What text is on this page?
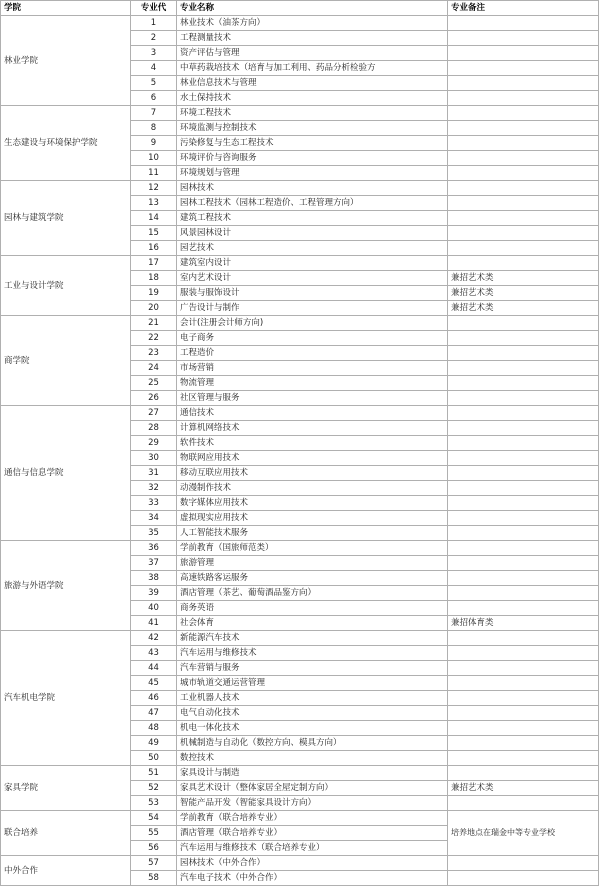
学院	专业代	专业名称	专业备注
林业学院	1	林业技术（油茶方向）	
	2	工程测量技术	
	3	资产评估与管理	
	4	中草药栽培技术（培育与加工利用、药品分析检验方	
	5	林业信息技术与管理	
	6	水土保持技术	
生态建设与环境保护学院	7	环境工程技术	
	8	环境监测与控制技术	
	9	污染修复与生态工程技术	
	10	环境评价与咨询服务	
	11	环境规划与管理	
园林与建筑学院	12	园林技术	
	13	园林工程技术（园林工程造价、工程管理方向）	
	14	建筑工程技术	
	15	风景园林设计	
	16	园艺技术	
工业与设计学院	17	建筑室内设计	
	18	室内艺术设计	兼招艺术类
	19	服装与服饰设计	兼招艺术类
	20	广告设计与制作	兼招艺术类
商学院	21	会计(注册会计师方向)	
	22	电子商务	
	23	工程造价	
	24	市场营销	
	25	物流管理	
	26	社区管理与服务	
通信与信息学院	27	通信技术	
	28	计算机网络技术	
	29	软件技术	
	30	物联网应用技术	
	31	移动互联应用技术	
	32	动漫制作技术	
	33	数字媒体应用技术	
	34	虚拟现实应用技术	
	35	人工智能技术服务	
旅游与外语学院	36	学前教育（国旅师范类）	
	37	旅游管理	
	38	高速铁路客运服务	
	39	酒店管理（茶艺、葡萄酒品鉴方向）	
	40	商务英语	
	41	社会体育	兼招体育类
汽车机电学院	42	新能源汽车技术	
	43	汽车运用与维修技术	
	44	汽车营销与服务	
	45	城市轨道交通运营管理	
	46	工业机器人技术	
	47	电气自动化技术	
	48	机电一体化技术	
	49	机械制造与自动化（数控方向、模具方向）	
	50	数控技术	
家具学院	51	家具设计与制造	
	52	家具艺术设计（整体家居全屋定制方向）	兼招艺术类
	53	智能产品开发（智能家具设计方向）	
联合培养	54	学前教育（联合培养专业）	培养地点在瑞金中等专业学校
	55	酒店管理（联合培养专业）	
	56	汽车运用与维修技术（联合培养专业）	
中外合作	57	园林技术（中外合作）	
	58	汽车电子技术（中外合作）	
